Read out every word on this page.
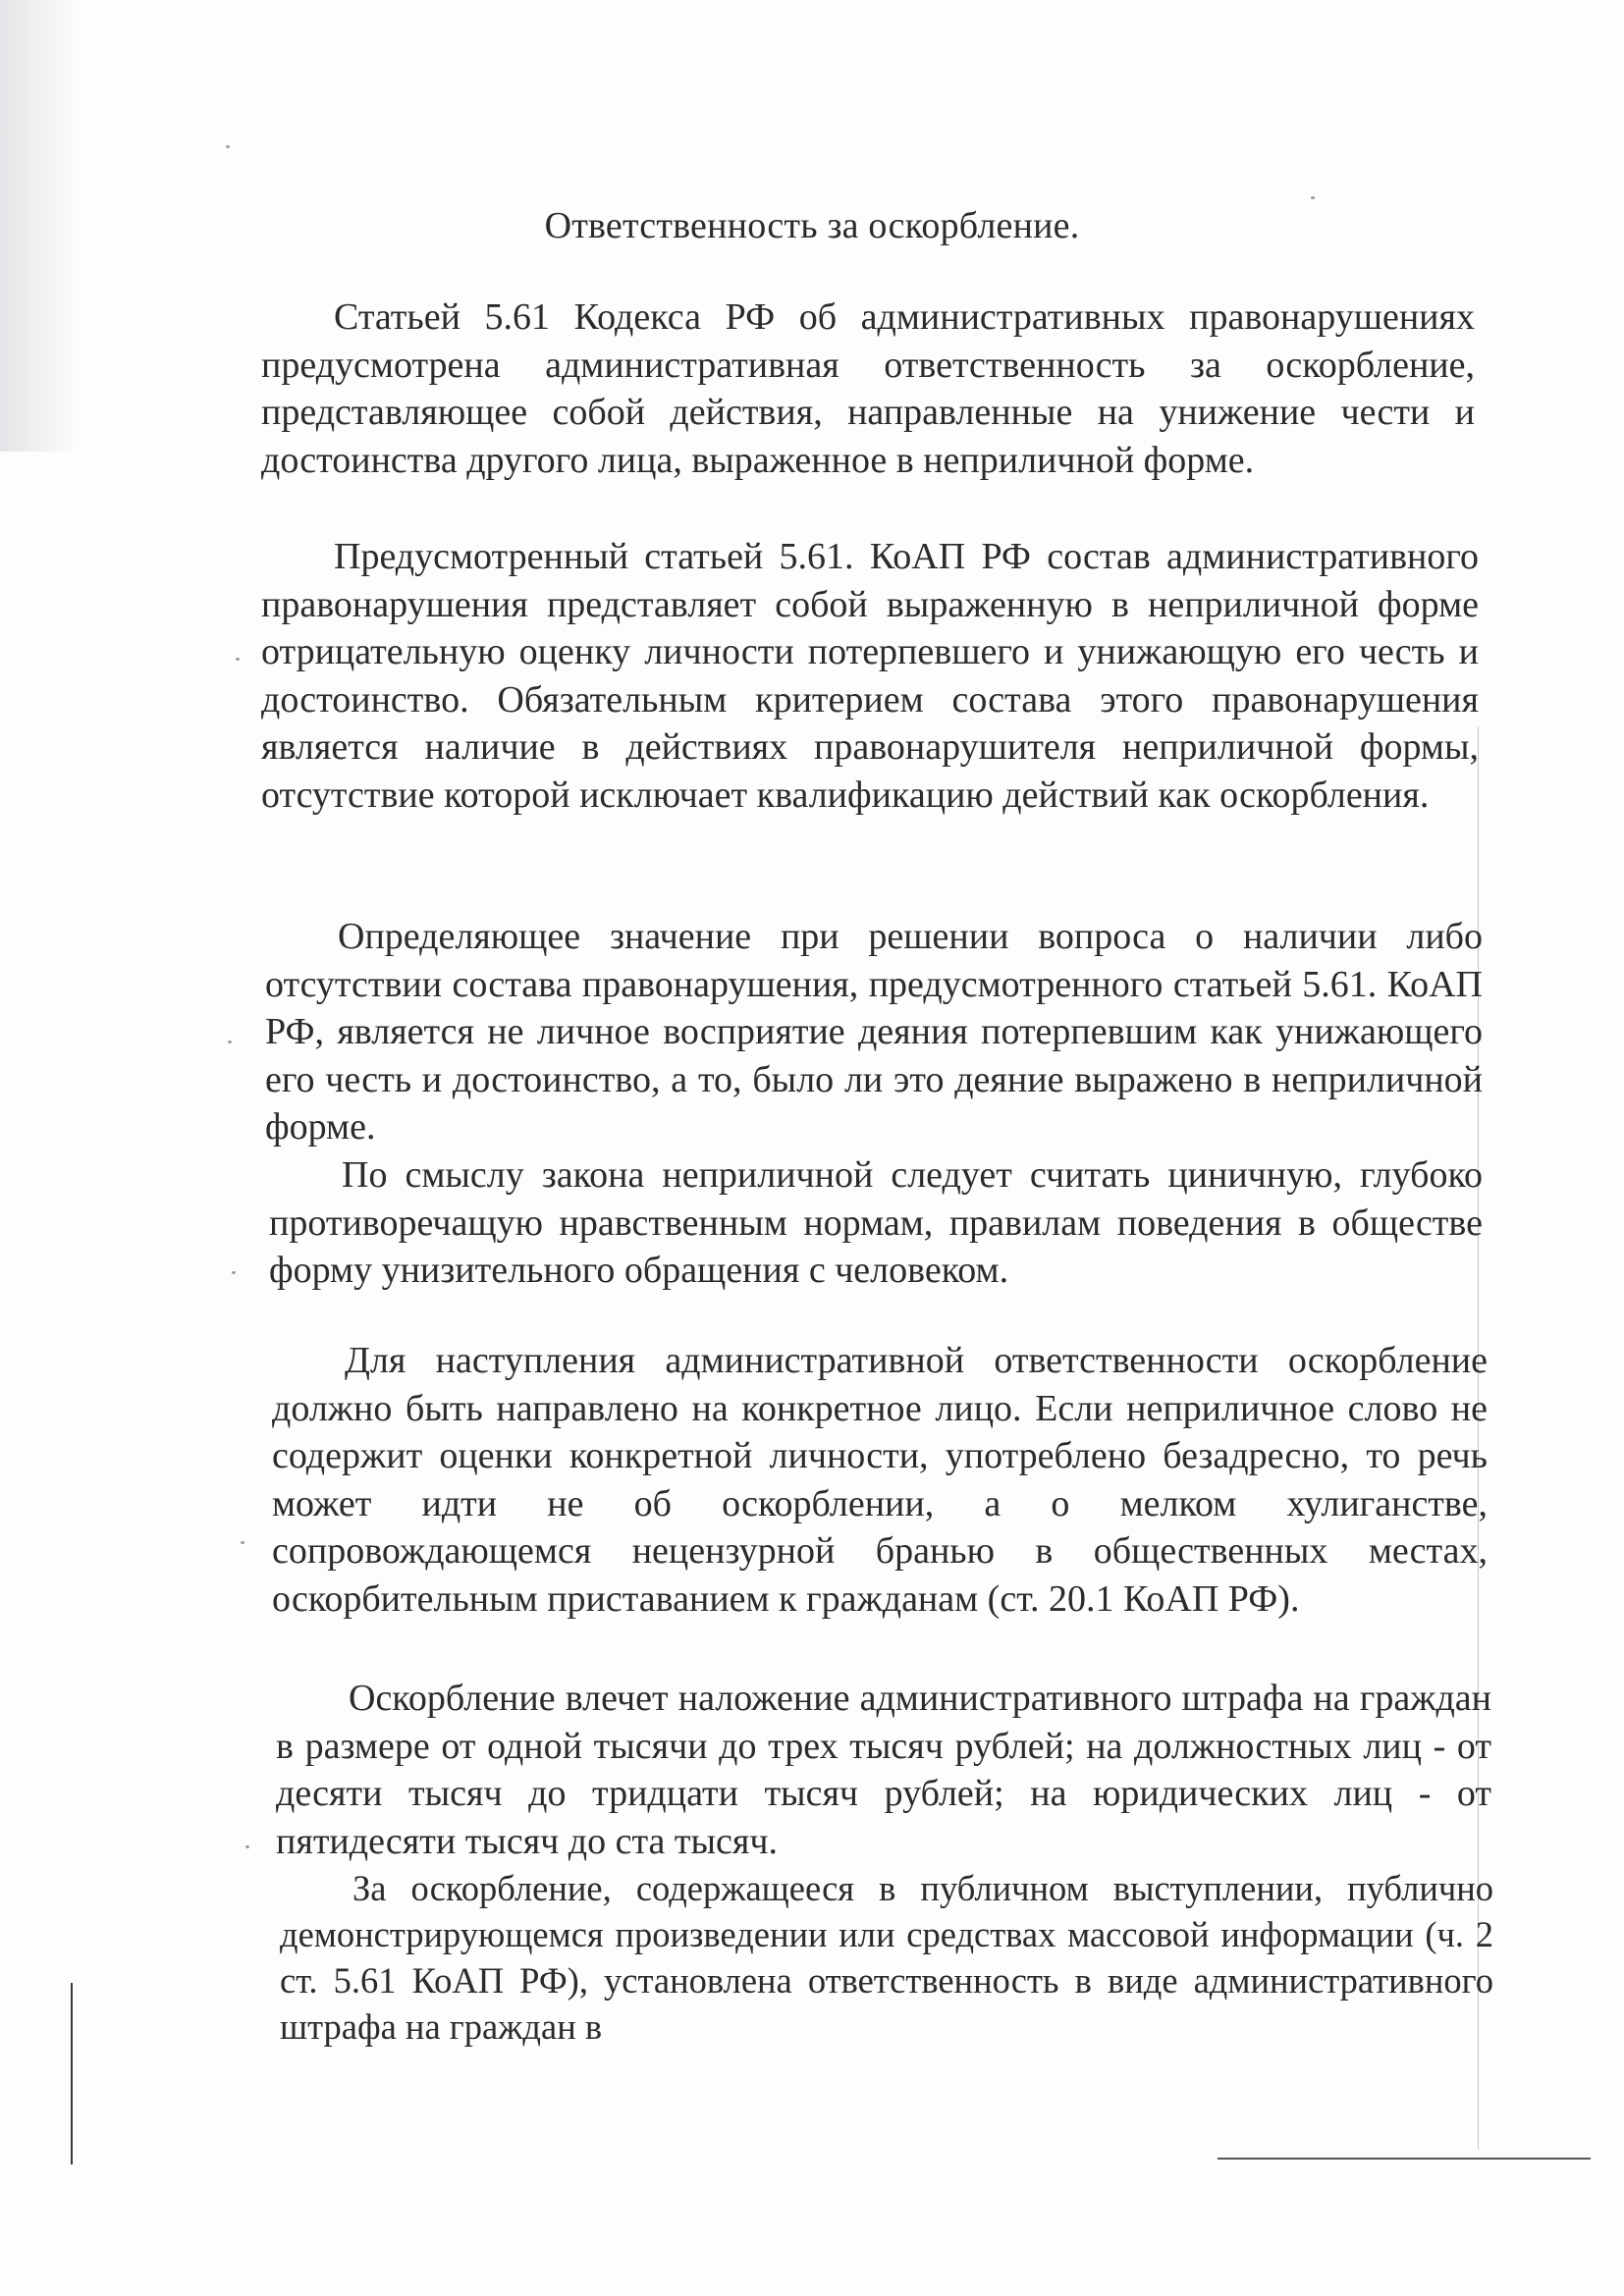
Ответственность за оскорбление.
Статьей 5.61 Кодекса РФ об административных правонарушениях предусмотрена административная ответственность за оскорбление, представляющее собой действия, направленные на унижение чести и достоинства другого лица, выраженное в неприличной форме.
Предусмотренный статьей 5.61. КоАП РФ состав административного правонарушения представляет собой выраженную в неприличной форме отрицательную оценку личности потерпевшего и унижающую его честь и достоинство. Обязательным критерием состава этого правонарушения является наличие в действиях правонарушителя неприличной формы, отсутствие которой исключает квалификацию действий как оскорбления.
Определяющее значение при решении вопроса о наличии либо отсутствии состава правонарушения, предусмотренного статьей 5.61. КоАП РФ, является не личное восприятие деяния потерпевшим как унижающего его честь и достоинство, а то, было ли это деяние выражено в неприличной форме.
По смыслу закона неприличной следует считать циничную, глубоко противоречащую нравственным нормам, правилам поведения в обществе форму унизительного обращения с человеком.
Для наступления административной ответственности оскорбление должно быть направлено на конкретное лицо. Если неприличное слово не содержит оценки конкретной личности, употреблено безадресно, то речь может идти не об оскорблении, а о мелком хулиганстве, сопровождающемся нецензурной бранью в общественных местах, оскорбительным приставанием к гражданам (ст. 20.1 КоАП РФ).
Оскорбление влечет наложение административного штрафа на граждан в размере от одной тысячи до трех тысяч рублей; на должностных лиц - от десяти тысяч до тридцати тысяч рублей; на юридических лиц - от пятидесяти тысяч до ста тысяч.
За оскорбление, содержащееся в публичном выступлении, публично демонстрирующемся произведении или средствах массовой информации (ч. 2 ст. 5.61 КоАП РФ), установлена ответственность в виде административного штрафа на граждан в
